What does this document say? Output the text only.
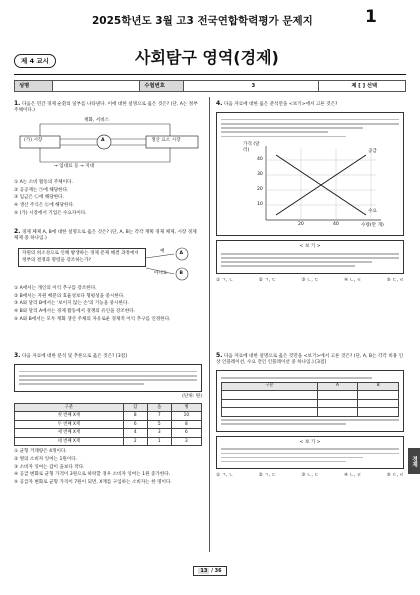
2025학년도 3월 고3 전국연합학력평가 문제지	1
제 4 교시	사회탐구 영역(경제)
성명	수험번호	3	제 [ ] 선택
1. 다음은 민간 경제 순환의 일부를 나타낸다. 이에 대한 설명으로 옳은 것은? (단, A는 정부 주체이다.)
(가) 시장	생산 요소 시장
A
재화, 서비스
→ 임대료 등 → 지대
① A는 소비 활동의 주체이다.
② 공공재는 ㉠에 해당한다.
③ 임금은 ㉡에 해당한다.
④ 생산 주식은 ㉢에 해당한다.
⑤ (가) 시장에서 기업은 수요자이다.
2. 경제 체제 A, B에 대한 설명으로 옳은 것은? (단, A, B는 각각 계획 경제 체제, 시장 경제 체제 중 하나임.)
자원의 희소성으로 인해 발생하는 경제 문제 해결 과정에서 정부의 결정과 명령을 강조하는가?
예
아니요
A
B
① A에서는 개인의 이익 추구를 강조한다.
② B에서는 자원 배분의 효율성보다 형평성을 중시한다.
③ A와 달리 B에서는 '보이지 않는 손'의 기능을 중시한다.
④ B와 달리 A에서는 경제 활동에서 경쟁의 유인을 강조한다.
⑤ A와 B에서는 모두 재화 생산 주체의 자유로운 경제적 이익 추구를 인정한다.
3. 다음 자료에 대한 분석 및 추론으로 옳은 것은? [3점]
(단위: 원)
구분	갑	을	병
첫 번째 X재	8	7	10
두 번째 X재	6	5	8
세 번째 X재	4	3	6
네 번째 X재	2	1	3
① 균형 거래량은 4개이다.
② 병의 소비자 잉여는 1원이다.
③ 소비자 잉여는 갑이 을보다 작다.
④ 공급 변화로 균형 가격이 3원으로 하락할 경우 소비자 잉여는 1원 증가한다.
⑤ 공급자 변화로 균형 가격이 7원이 되면, X재를 구입하는 소비자는 한 명이다.
4. 다음 자료에 대한 옳은 분석만을 <보기>에서 고른 것은?
가격 (달러)
수량(만 개)
공급
수요
40
30
20
10
20	40
< 보 기 >
① ㄱ, ㄴ	② ㄱ, ㄷ	③ ㄴ, ㄷ	④ ㄴ, ㄹ	⑤ ㄷ, ㄹ
5. 다음 자료에 대한 설명으로 옳은 것만을 <보기>에서 고른 것은? (단, A, B는 각각 비용 인상 인플레이션, 수요 견인 인플레이션 중 하나임.) [3점]
구분	A	B

< 보 기 >
① ㄱ, ㄴ	② ㄱ, ㄷ	③ ㄴ, ㄷ	④ ㄴ, ㄹ	⑤ ㄷ, ㄹ
경제
13 / 36
